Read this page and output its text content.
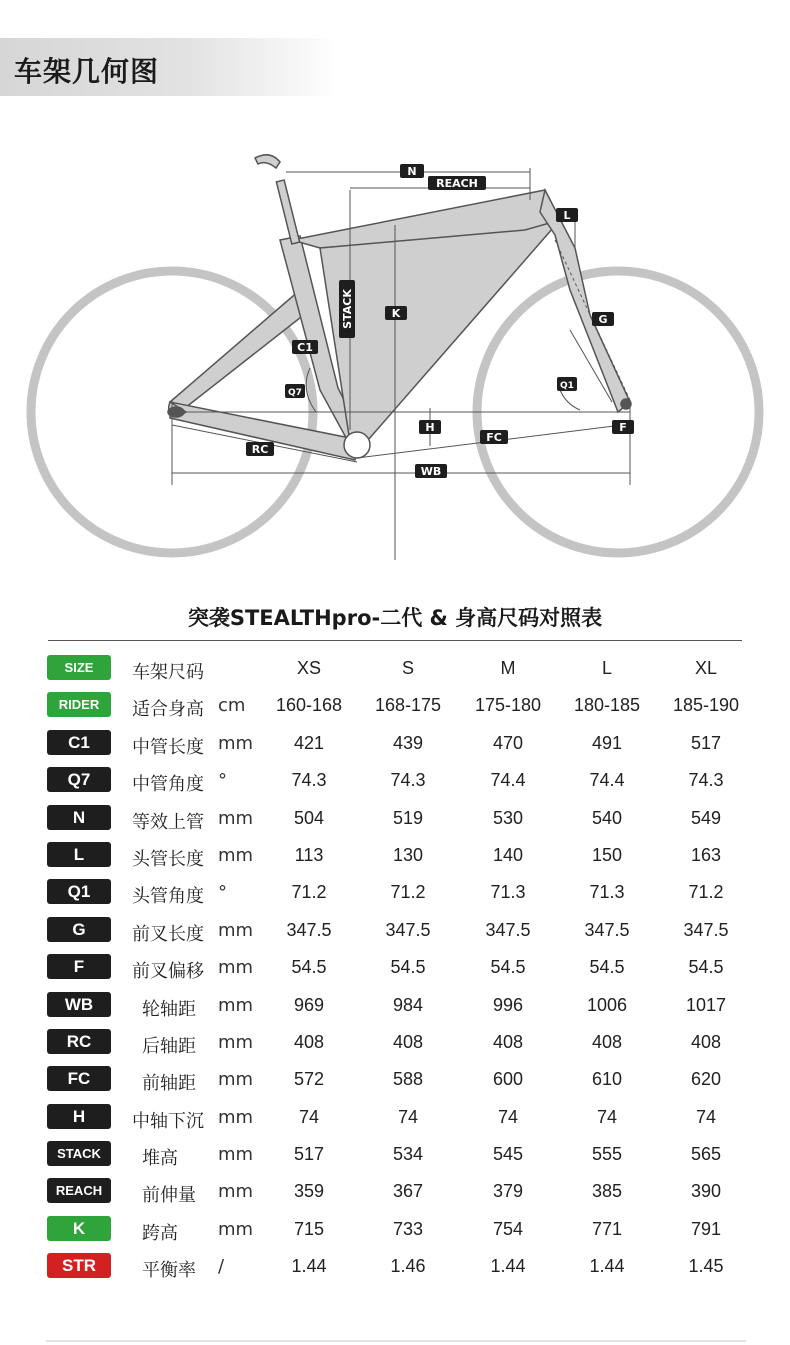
车架几何图
N
REACH
L
STACK	K	G
C1
Q7
Q1
H
FC
F
RC
WB
突袭STEALTHpro-二代 & 身高尺码对照表
SIZE	车架尺码	XS	S	M	L	XL
RIDER	适合身高 cm	160-168	168-175	175-180	180-185	185-190
C1	中管长度 mm	421	439	470	491	517
Q7	中管角度 °	74.3	74.3	74.4	74.4	74.3
N	等效上管 mm	504	519	530	540	549
L	头管长度 mm	113	130	140	150	163
Q1	头管角度 °	71.2	71.2	71.3	71.3	71.2
G	前叉长度 mm	347.5	347.5	347.5	347.5	347.5
F	前叉偏移 mm	54.5	54.5	54.5	54.5	54.5
WB	轮轴距 mm	969	984	996	1006	1017
RC	后轴距 mm	408	408	408	408	408
FC	前轴距 mm	572	588	600	610	620
H	中轴下沉 mm	74	74	74	74	74
STACK	堆高 mm	517	534	545	555	565
REACH	前伸量 mm	359	367	379	385	390
K	跨高 mm	715	733	754	771	791
STR	平衡率 /	1.44	1.46	1.44	1.44	1.45
